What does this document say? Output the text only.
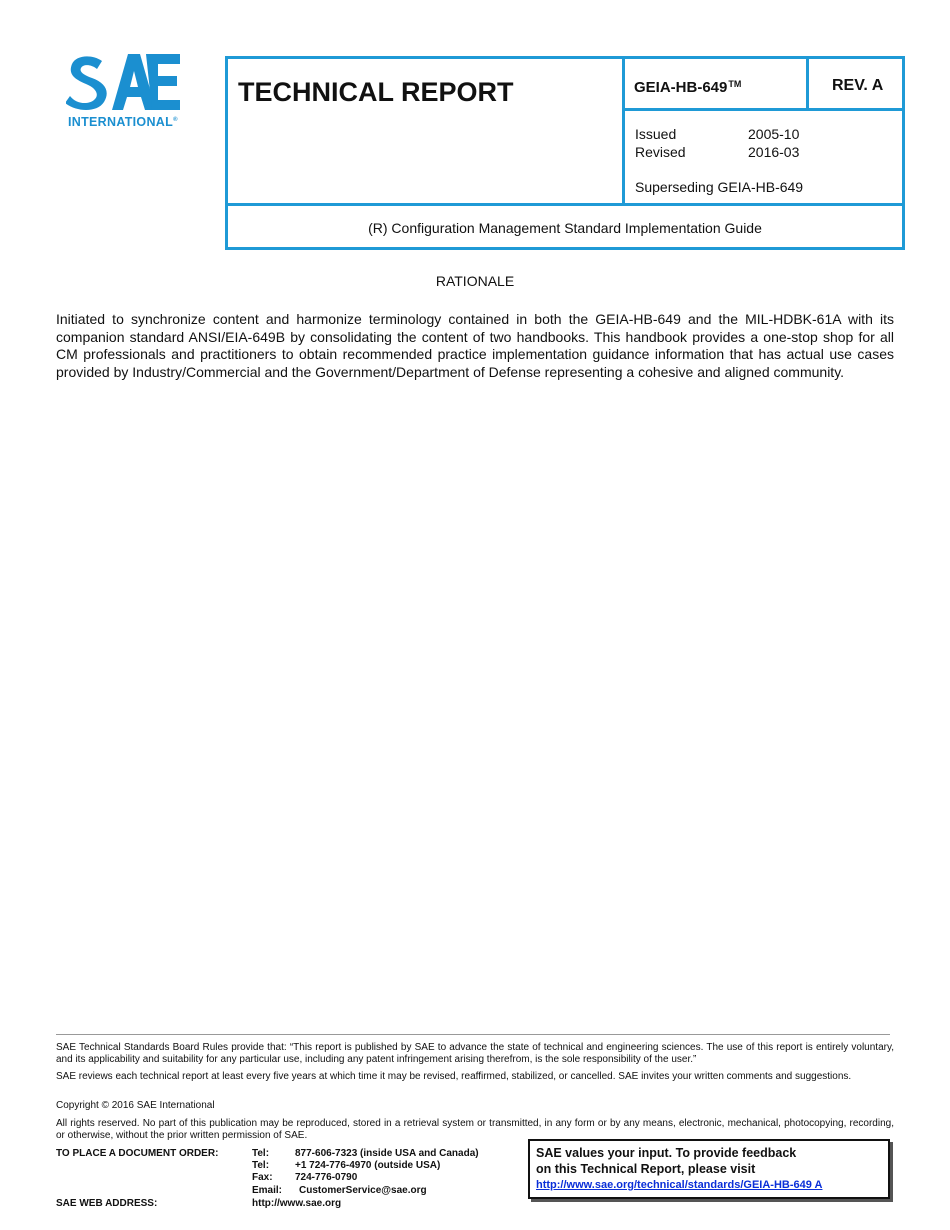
INTERNATIONAL®
TECHNICAL REPORT	GEIA-HB-649™	REV. A
Issued	2005-10
Revised	2016-03
Superseding GEIA-HB-649
(R) Configuration Management Standard Implementation Guide
RATIONALE
Initiated to synchronize content and harmonize terminology contained in both the GEIA-HB-649 and the MIL-HDBK-61A with its companion standard ANSI/EIA-649B by consolidating the content of two handbooks. This handbook provides a one-stop shop for all CM professionals and practitioners to obtain recommended practice implementation guidance information that has actual use cases provided by Industry/Commercial and the Government/Department of Defense representing a cohesive and aligned community.
SAE Technical Standards Board Rules provide that: “This report is published by SAE to advance the state of technical and engineering sciences. The use of this report is entirely voluntary, and its applicability and suitability for any particular use, including any patent infringement arising therefrom, is the sole responsibility of the user.”
SAE reviews each technical report at least every five years at which time it may be revised, reaffirmed, stabilized, or cancelled. SAE invites your written comments and suggestions.
Copyright © 2016 SAE International
All rights reserved. No part of this publication may be reproduced, stored in a retrieval system or transmitted, in any form or by any means, electronic, mechanical, photocopying, recording, or otherwise, without the prior written permission of SAE.
TO PLACE A DOCUMENT ORDER:	Tel:	877-606-7323 (inside USA and Canada)
Tel:	+1 724-776-4970 (outside USA)
Fax: 724-776-0790
Email: CustomerService@sae.org
SAE WEB ADDRESS:	http://www.sae.org
SAE values your input. To provide feedback
on this Technical Report, please visit
http://www.sae.org/technical/standards/GEIA-HB-649 A
